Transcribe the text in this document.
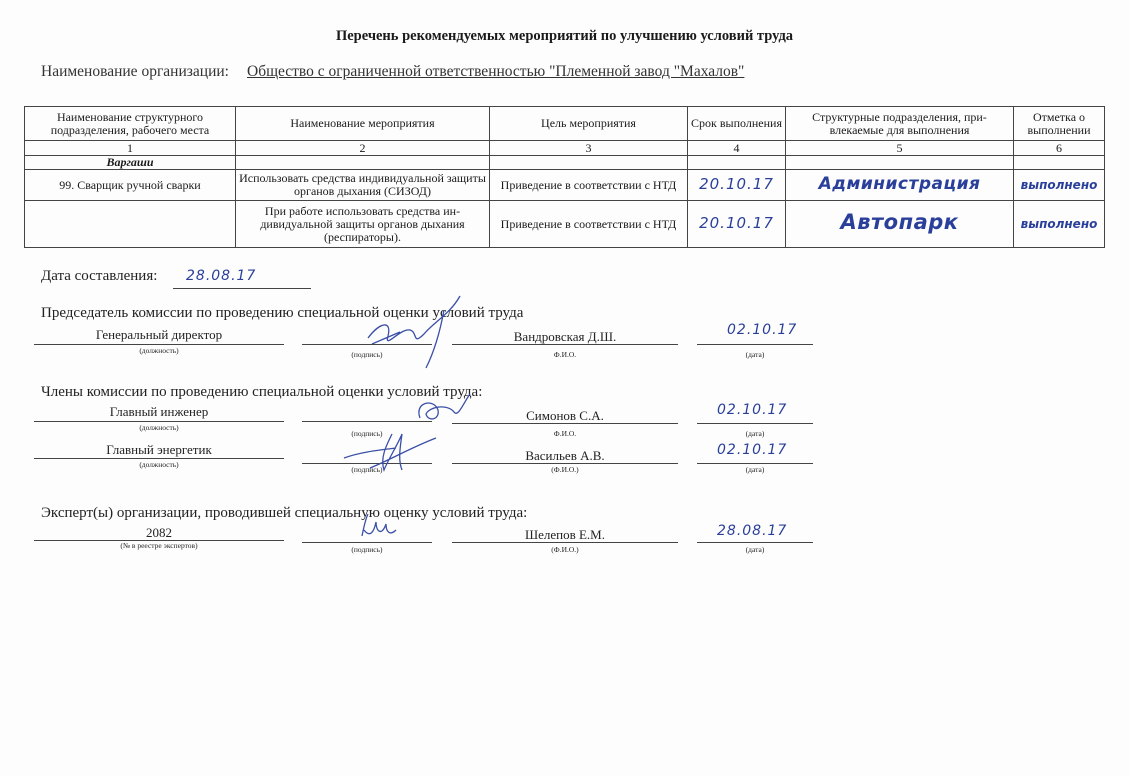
Перечень рекомендуемых мероприятий по улучшению условий труда
Наименование организации: Общество с ограниченной ответственностью "Племенной завод "Махалов"
Наименование структурного подразделения, рабочего места	Наименование мероприятия	Цель мероприятия	Срок выполнения	Структурные подразделения, при-влекаемые для выполнения	Отметка о выполнении
1	2	3	4	5	6
Варгаши					
99. Сварщик ручной сварки	Использовать средства индивидуальной защиты органов дыхания (СИЗОД)	Приведение в соответствии с НТД	20.10.17	Администрация	выполнено
	При работе использовать средства ин-дивидуальной защиты органов дыхания (респираторы).	Приведение в соответствии с НТД	20.10.17	Автопарк	выполнено
Дата составления: 28.08.17
Председатель комиссии по проведению специальной оценки условий труда
Генеральный директор	Вандровская Д.Ш.	02.10.17
(должность)	(подпись)	Ф.И.О.	(дата)
Члены комиссии по проведению специальной оценки условий труда:
Главный инженер	Симонов С.А.	02.10.17
(должность)
(подпись)	Ф.И.О.	(дата)
Главный энергетик	Васильев А.В.	02.10.17
(должность)
(подпись)	(Ф.И.О.)	(дата)
Эксперт(ы) организации, проводившей специальную оценку условий труда:
2082	Шелепов Е.М.	28.08.17
(№ в реестре экспертов)	(подпись)	(Ф.И.О.)	(дата)
